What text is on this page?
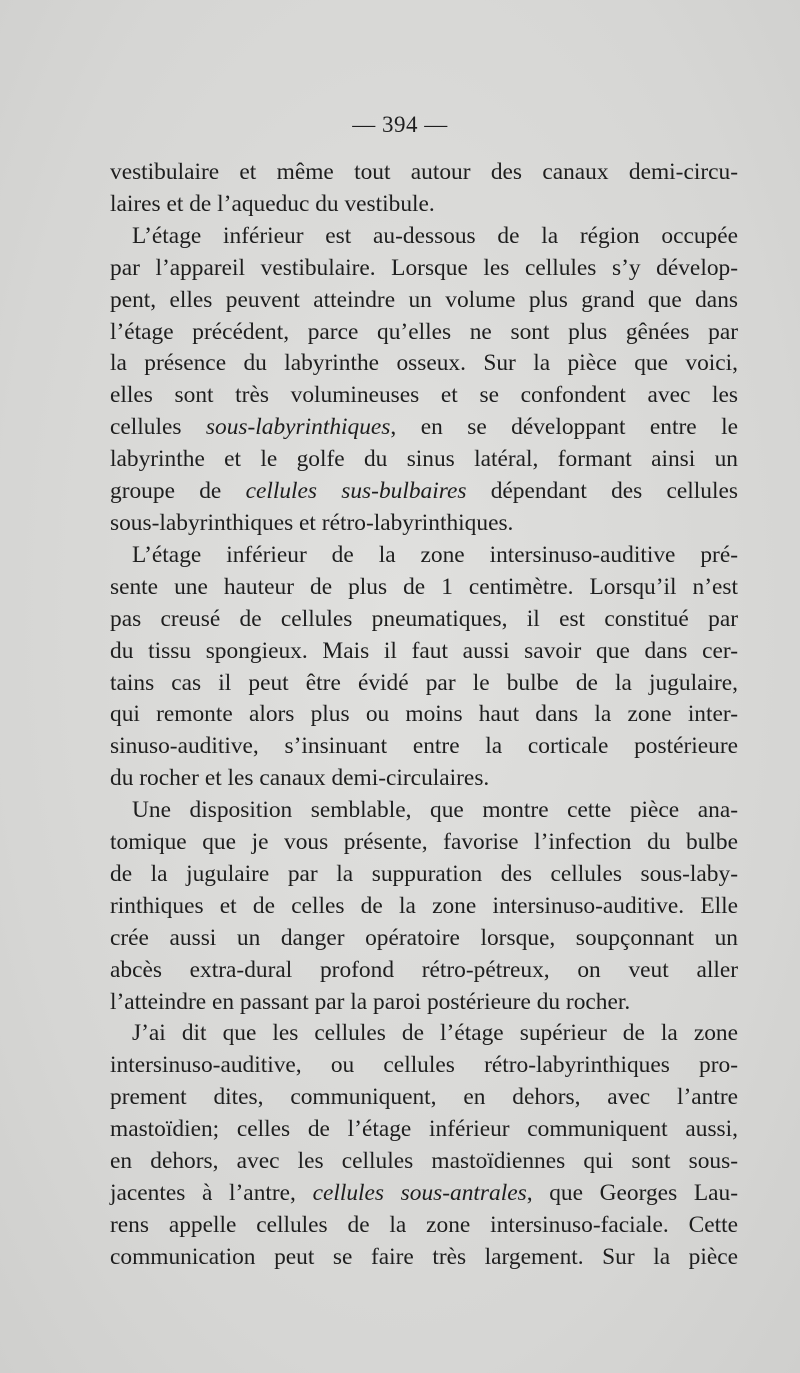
— 394 —
vestibulaire et même tout autour des canaux demi-circu-
laires et de l’aqueduc du vestibule.
L’étage inférieur est au-dessous de la région occupée
par l’appareil vestibulaire. Lorsque les cellules s’y dévelop-
pent, elles peuvent atteindre un volume plus grand que dans
l’étage précédent, parce qu’elles ne sont plus gênées par
la présence du labyrinthe osseux. Sur la pièce que voici,
elles sont très volumineuses et se confondent avec les
cellules sous-labyrinthiques, en se développant entre le
labyrinthe et le golfe du sinus latéral, formant ainsi un
groupe de cellules sus-bulbaires dépendant des cellules
sous-labyrinthiques et rétro-labyrinthiques.
L’étage inférieur de la zone intersinuso-auditive pré-
sente une hauteur de plus de 1 centimètre. Lorsqu’il n’est
pas creusé de cellules pneumatiques, il est constitué par
du tissu spongieux. Mais il faut aussi savoir que dans cer-
tains cas il peut être évidé par le bulbe de la jugulaire,
qui remonte alors plus ou moins haut dans la zone inter-
sinuso-auditive, s’insinuant entre la corticale postérieure
du rocher et les canaux demi-circulaires.
Une disposition semblable, que montre cette pièce ana-
tomique que je vous présente, favorise l’infection du bulbe
de la jugulaire par la suppuration des cellules sous-laby-
rinthiques et de celles de la zone intersinuso-auditive. Elle
crée aussi un danger opératoire lorsque, soupçonnant un
abcès extra-dural profond rétro-pétreux, on veut aller
l’atteindre en passant par la paroi postérieure du rocher.
J’ai dit que les cellules de l’étage supérieur de la zone
intersinuso-auditive, ou cellules rétro-labyrinthiques pro-
prement dites, communiquent, en dehors, avec l’antre
mastoïdien; celles de l’étage inférieur communiquent aussi,
en dehors, avec les cellules mastoïdiennes qui sont sous-
jacentes à l’antre, cellules sous-antrales, que Georges Lau-
rens appelle cellules de la zone intersinuso-faciale. Cette
communication peut se faire très largement. Sur la pièce
